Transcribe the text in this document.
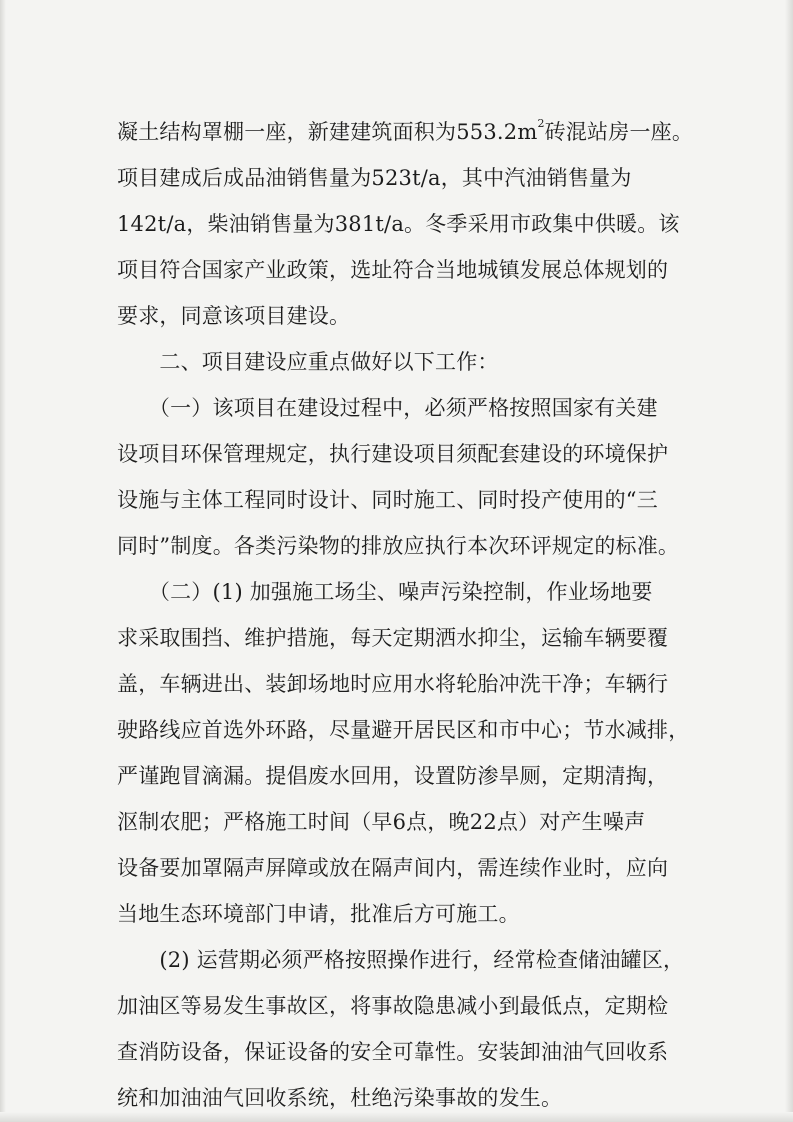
凝土结构罩棚一座，新建建筑面积为$553.2m^2$砖混站房一座。
项目建成后成品油销售量为523t/a，其中汽油销售量为
142t/a，柴油销售量为381t/a。冬季采用市政集中供暖。该
项目符合国家产业政策，选址符合当地城镇发展总体规划的
要求，同意该项目建设。
　　二、项目建设应重点做好以下工作：
　　（一）该项目在建设过程中，必须严格按照国家有关建
设项目环保管理规定，执行建设项目须配套建设的环境保护
设施与主体工程同时设计、同时施工、同时投产使用的“三
同时”制度。各类污染物的排放应执行本次环评规定的标准。
　　（二）(1) 加强施工场尘、噪声污染控制，作业场地要
求采取围挡、维护措施，每天定期洒水抑尘，运输车辆要覆
盖，车辆进出、装卸场地时应用水将轮胎冲洗干净；车辆行
驶路线应首选外环路，尽量避开居民区和市中心；节水减排，
严谨跑冒滴漏。提倡废水回用，设置防渗旱厕，定期清掏，
沤制农肥；严格施工时间（早6点，晚22点）对产生噪声
设备要加罩隔声屏障或放在隔声间内，需连续作业时，应向
当地生态环境部门申请，批准后方可施工。
　　(2) 运营期必须严格按照操作进行，经常检查储油罐区，
加油区等易发生事故区，将事故隐患减小到最低点，定期检
查消防设备，保证设备的安全可靠性。安装卸油油气回收系
统和加油油气回收系统，杜绝污染事故的发生。
